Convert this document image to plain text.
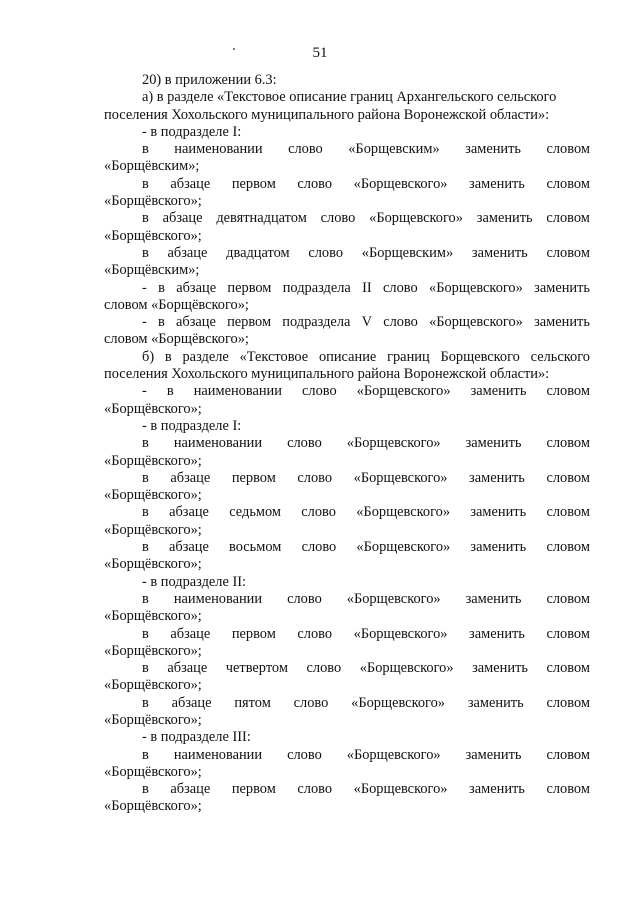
51
20) в приложении 6.3:
а) в разделе «Текстовое описание границ Архангельского сельского
поселения Хохольского муниципального района Воронежской области»:
- в подразделе I:
в наименовании слово «Борщевским» заменить словом
«Борщёвским»;
в абзаце первом слово «Борщевского» заменить словом
«Борщёвского»;
в абзаце девятнадцатом слово «Борщевского» заменить словом
«Борщёвского»;
в абзаце двадцатом слово «Борщевским» заменить словом
«Борщёвским»;
- в абзаце первом подраздела II слово «Борщевского» заменить
словом «Борщёвского»;
- в абзаце первом подраздела V слово «Борщевского» заменить
словом «Борщёвского»;
б) в разделе «Текстовое описание границ Борщевского сельского
поселения Хохольского муниципального района Воронежской области»:
- в наименовании слово «Борщевского» заменить словом
«Борщёвского»;
- в подразделе I:
в наименовании слово «Борщевского» заменить словом
«Борщёвского»;
в абзаце первом слово «Борщевского» заменить словом
«Борщёвского»;
в абзаце седьмом слово «Борщевского» заменить словом
«Борщёвского»;
в абзаце восьмом слово «Борщевского» заменить словом
«Борщёвского»;
- в подразделе II:
в наименовании слово «Борщевского» заменить словом
«Борщёвского»;
в абзаце первом слово «Борщевского» заменить словом
«Борщёвского»;
в абзаце четвертом слово «Борщевского» заменить словом
«Борщёвского»;
в абзаце пятом слово «Борщевского» заменить словом
«Борщёвского»;
- в подразделе III:
в наименовании слово «Борщевского» заменить словом
«Борщёвского»;
в абзаце первом слово «Борщевского» заменить словом
«Борщёвского»;
